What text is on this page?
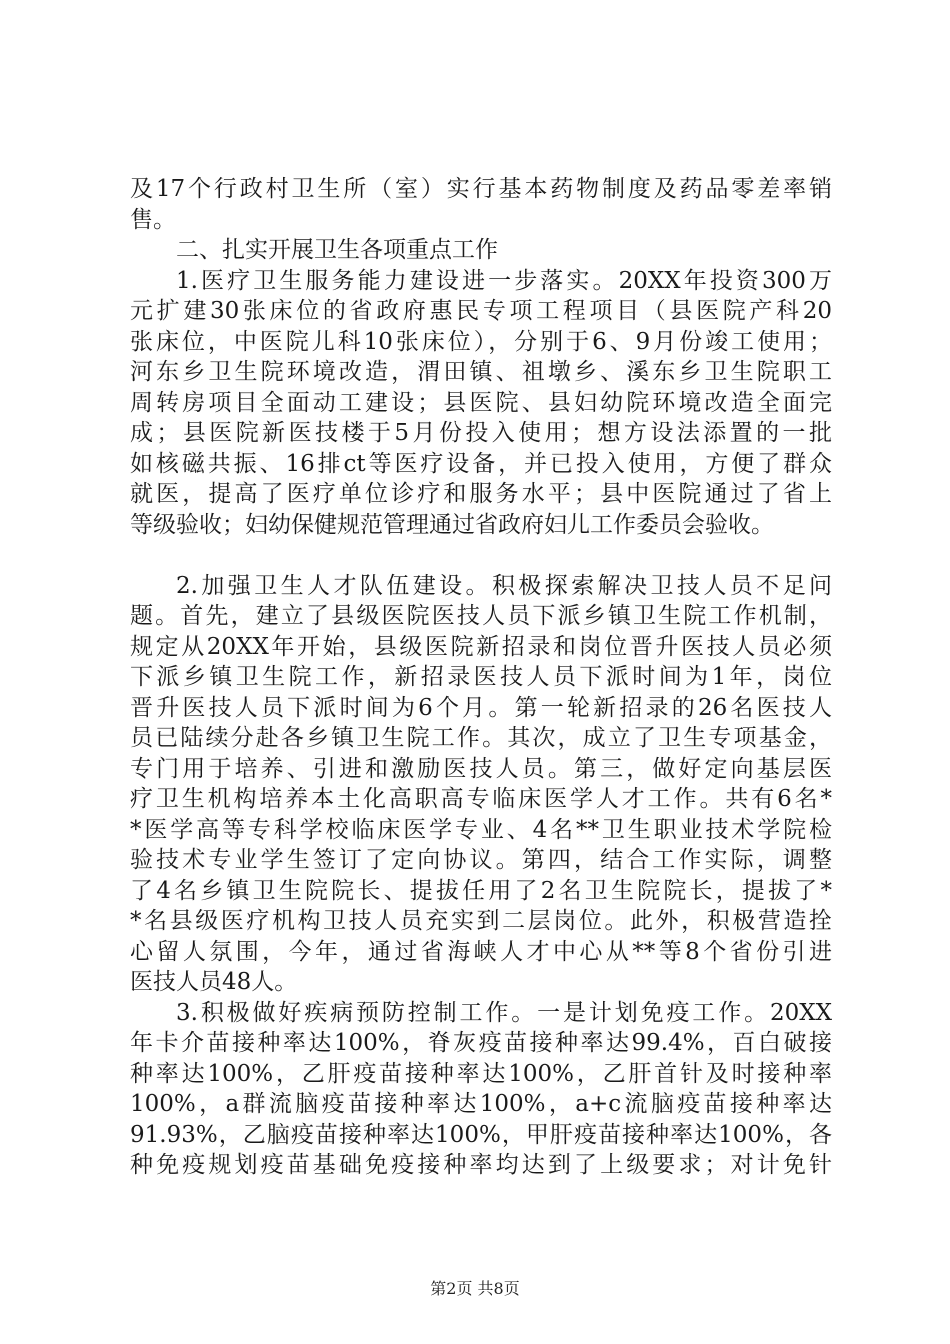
及17个行政村卫生所（室）实行基本药物制度及药品零差率销
售。
二、扎实开展卫生各项重点工作
1.医疗卫生服务能力建设进一步落实。20XX年投资300万
元扩建30张床位的省政府惠民专项工程项目（县医院产科20
张床位，中医院儿科10张床位），分别于6、9月份竣工使用；
河东乡卫生院环境改造，渭田镇、祖墩乡、溪东乡卫生院职工
周转房项目全面动工建设；县医院、县妇幼院环境改造全面完
成；县医院新医技楼于5月份投入使用；想方设法添置的一批
如核磁共振、16排ct等医疗设备，并已投入使用，方便了群众
就医，提高了医疗单位诊疗和服务水平；县中医院通过了省上
等级验收；妇幼保健规范管理通过省政府妇儿工作委员会验收。
2.加强卫生人才队伍建设。积极探索解决卫技人员不足问
题。首先，建立了县级医院医技人员下派乡镇卫生院工作机制，
规定从20XX年开始，县级医院新招录和岗位晋升医技人员必须
下派乡镇卫生院工作，新招录医技人员下派时间为1年，岗位
晋升医技人员下派时间为6个月。第一轮新招录的26名医技人
员已陆续分赴各乡镇卫生院工作。其次，成立了卫生专项基金，
专门用于培养、引进和激励医技人员。第三，做好定向基层医
疗卫生机构培养本土化高职高专临床医学人才工作。共有6名*
*医学高等专科学校临床医学专业、4名**卫生职业技术学院检
验技术专业学生签订了定向协议。第四，结合工作实际，调整
了4名乡镇卫生院院长、提拔任用了2名卫生院院长，提拔了*
*名县级医疗机构卫技人员充实到二层岗位。此外，积极营造拴
心留人氛围，今年，通过省海峡人才中心从**等8个省份引进
医技人员48人。
3.积极做好疾病预防控制工作。一是计划免疫工作。20XX
年卡介苗接种率达100%，脊灰疫苗接种率达99.4%，百白破接
种率达100%，乙肝疫苗接种率达100%，乙肝首针及时接种率
100%，a群流脑疫苗接种率达100%，a+c流脑疫苗接种率达
91.93%，乙脑疫苗接种率达100%，甲肝疫苗接种率达100%，各
种免疫规划疫苗基础免疫接种率均达到了上级要求；对计免针
第2页 共8页
